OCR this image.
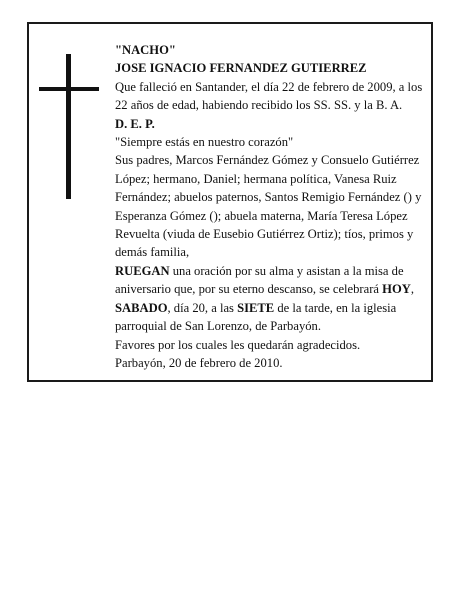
"NACHO"

JOSE IGNACIO FERNANDEZ GUTIERREZ

Que falleció en Santander, el día 22 de febrero de 2009, a los 22 años de edad, habiendo recibido los SS. SS. y la B. A.

D. E. P.

"Siempre estás en nuestro corazón"

Sus padres, Marcos Fernández Gómez y Consuelo Gutiérrez López; hermano, Daniel; hermana política, Vanesa Ruiz Fernández; abuelos paternos, Santos Remigio Fernández () y Esperanza Gómez (); abuela materna, María Teresa López Revuelta (viuda de Eusebio Gutiérrez Ortiz); tíos, primos y demás familia,

RUEGAN una oración por su alma y asistan a la misa de aniversario que, por su eterno descanso, se celebrará HOY, SABADO, día 20, a las SIETE de la tarde, en la iglesia parroquial de San Lorenzo, de Parbayón.

Favores por los cuales les quedarán agradecidos.

Parbayón, 20 de febrero de 2010.
